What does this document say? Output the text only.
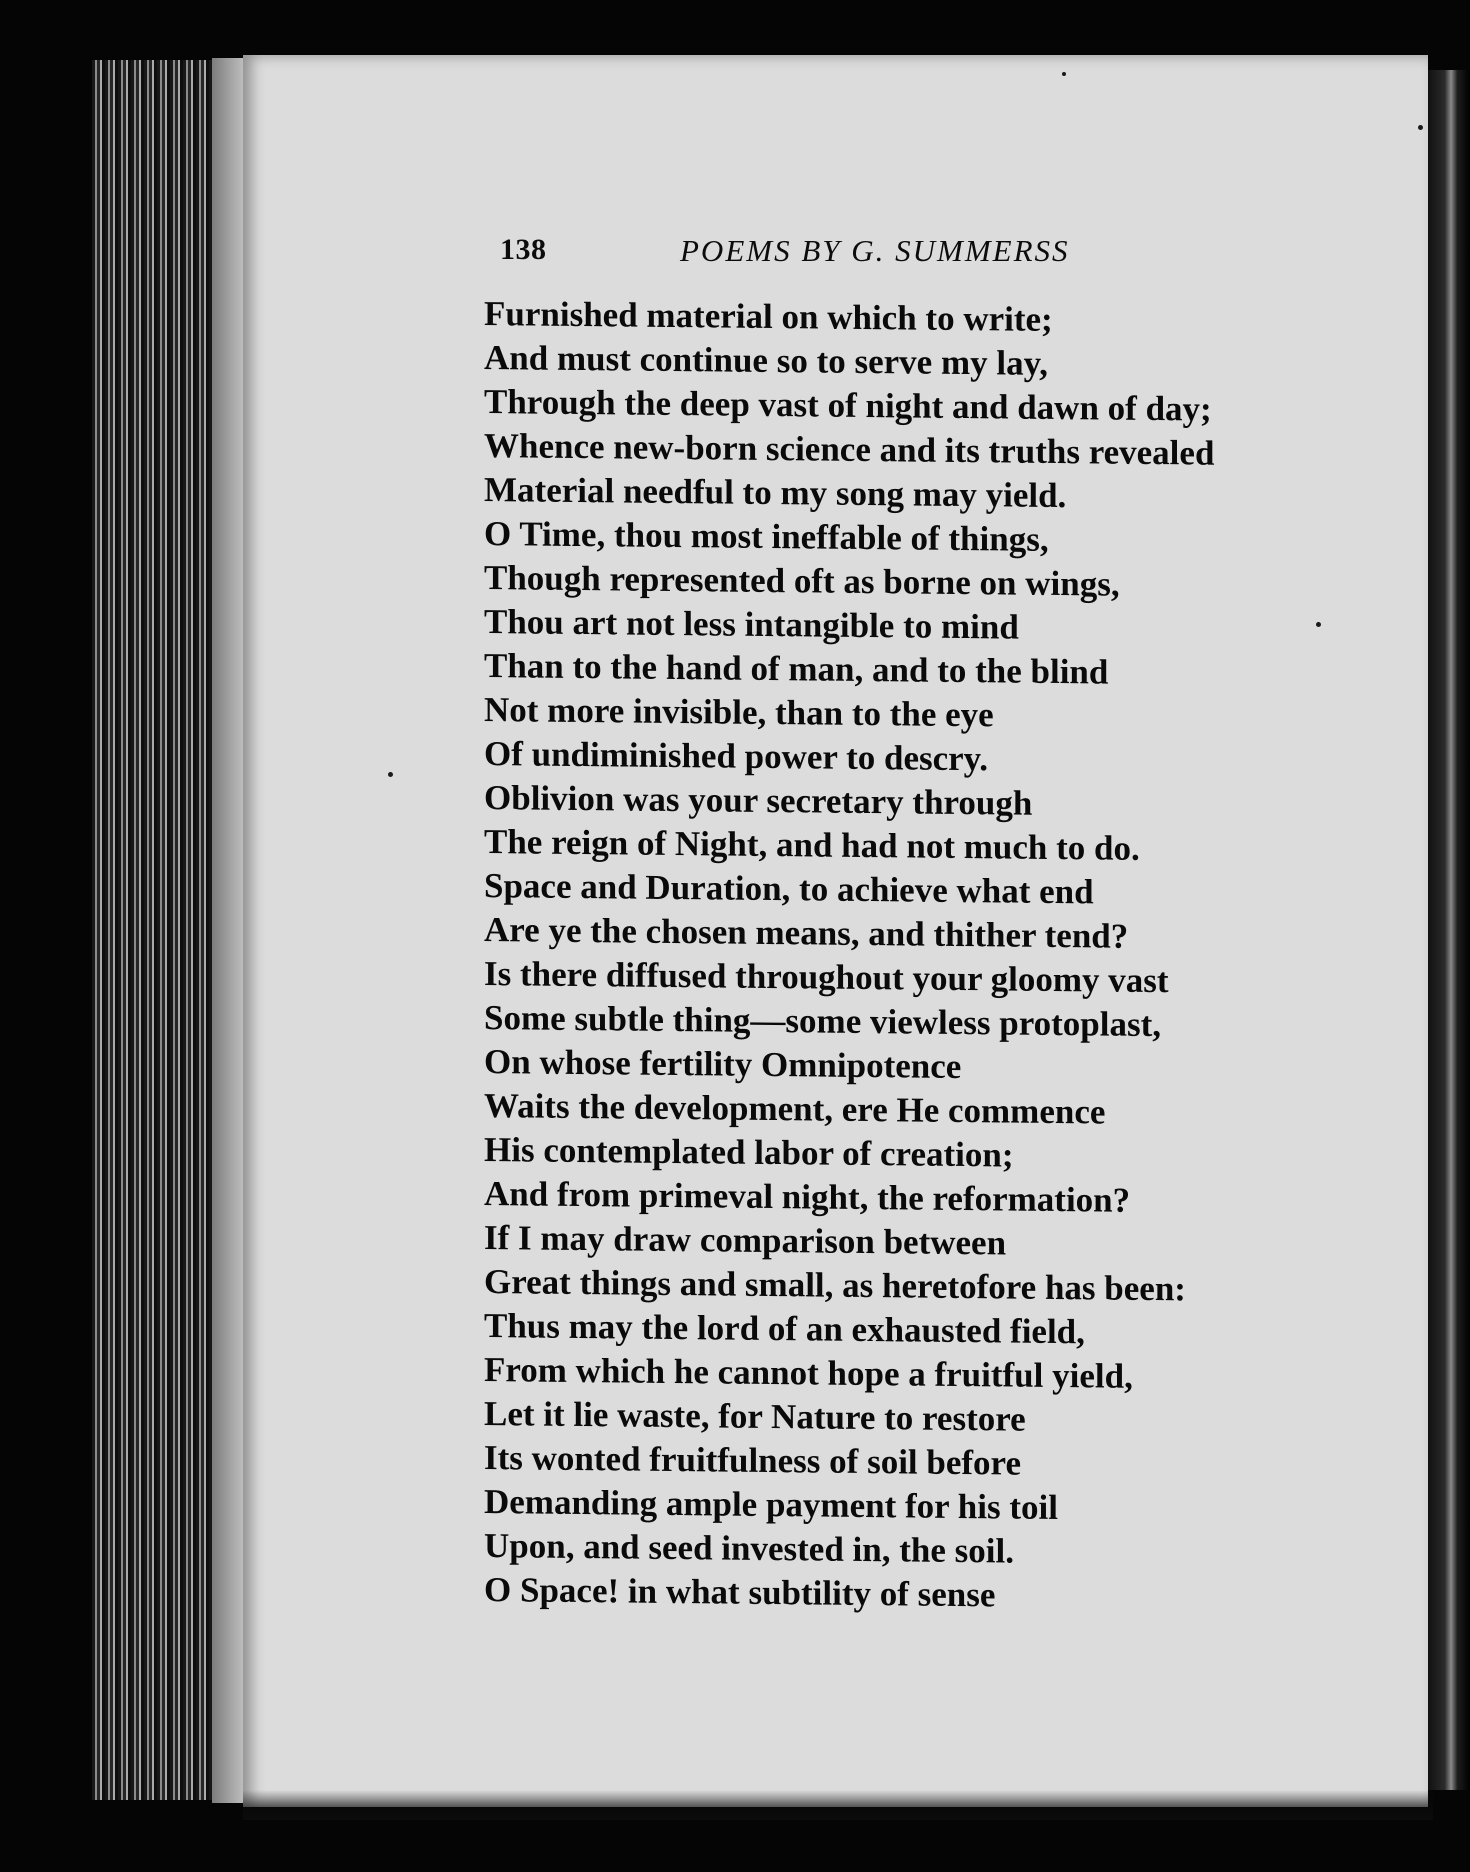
138	POEMS BY G. SUMMERSS
Furnished material on which to write;
And must continue so to serve my lay,
Through the deep vast of night and dawn of day;
Whence new-born science and its truths revealed
Material needful to my song may yield.
O Time, thou most ineffable of things,
Though represented oft as borne on wings,
Thou art not less intangible to mind
Than to the hand of man, and to the blind
Not more invisible, than to the eye
Of undiminished power to descry.
Oblivion was your secretary through
The reign of Night, and had not much to do.
Space and Duration, to achieve what end
Are ye the chosen means, and thither tend?
Is there diffused throughout your gloomy vast
Some subtle thing—some viewless protoplast,
On whose fertility Omnipotence
Waits the development, ere He commence
His contemplated labor of creation;
And from primeval night, the reformation?
If I may draw comparison between
Great things and small, as heretofore has been:
Thus may the lord of an exhausted field,
From which he cannot hope a fruitful yield,
Let it lie waste, for Nature to restore
Its wonted fruitfulness of soil before
Demanding ample payment for his toil
Upon, and seed invested in, the soil.
O Space! in what subtility of sense
